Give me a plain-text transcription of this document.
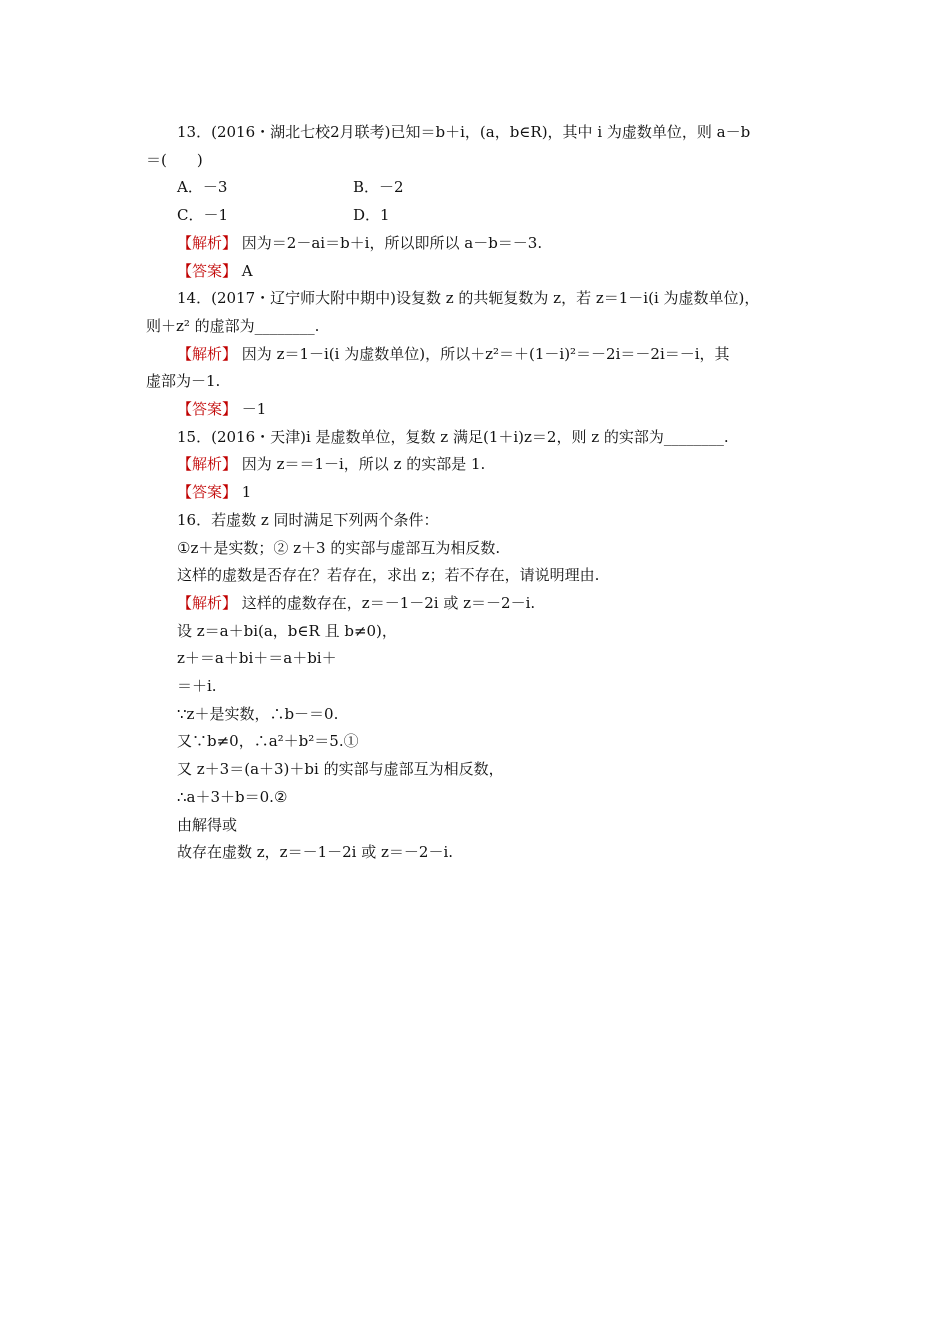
13．(2016・湖北七校2月联考)已知＝b＋i，(a，b∈R)，其中 i 为虚数单位，则 a－b
＝(　　)
A．－3	B．－2
C．－1	D．1
【解析】 因为＝2－ai＝b＋i，所以即所以 a－b＝－3.
【答案】 A
14．(2017・辽宁师大附中期中)设复数 z 的共轭复数为 z，若 z＝1－i(i 为虚数单位)，
则＋z² 的虚部为________.
【解析】 因为 z＝1－i(i 为虚数单位)，所以＋z²＝＋(1－i)²＝－2i＝－2i＝－i，其
虚部为－1.
【答案】 －1
15．(2016・天津)i 是虚数单位，复数 z 满足(1＋i)z＝2，则 z 的实部为________.
【解析】 因为 z＝＝1－i，所以 z 的实部是 1.
【答案】 1
16．若虚数 z 同时满足下列两个条件：
①z＋是实数；② z＋3 的实部与虚部互为相反数.
这样的虚数是否存在？若存在，求出 z；若不存在，请说明理由.
【解析】 这样的虚数存在，z＝－1－2i 或 z＝－2－i.
设 z＝a＋bi(a，b∈R 且 b≠0)，
z＋＝a＋bi＋＝a＋bi＋
＝＋i.
∵z＋是实数，∴b－＝0.
又∵b≠0，∴a²＋b²＝5.①
又 z＋3＝(a＋3)＋bi 的实部与虚部互为相反数，
∴a＋3＋b＝0.②
由解得或
故存在虚数 z，z＝－1－2i 或 z＝－2－i.
